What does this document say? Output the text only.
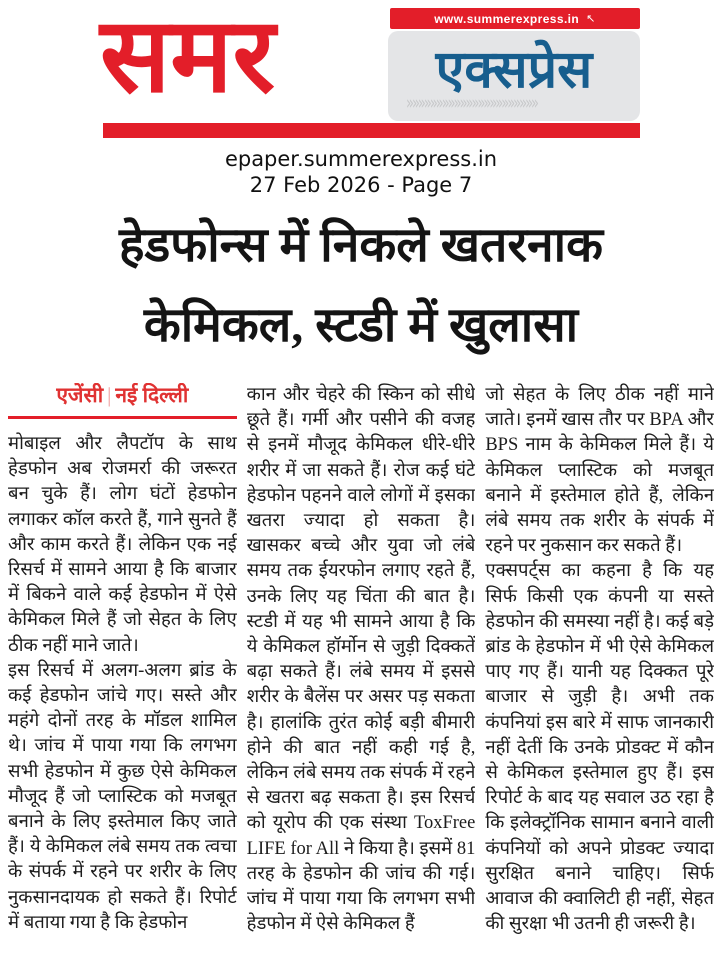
www.summerexpress.in ↖
एक्सप्रेस
»»»»»»»»»»»»»»»»»»»»»»
समर
epaper.summerexpress.in
27 Feb 2026 - Page 7
हेडफोन्स में निकले खतरनाक
केमिकल, स्टडी में खुलासा
एजेंसी | नई दिल्ली

मोबाइल और लैपटॉप के साथ हेडफोन अब रोजमर्रा की जरूरत बन चुके हैं। लोग घंटों हेडफोन लगाकर कॉल करते हैं, गाने सुनते हैं और काम करते हैं। लेकिन एक नई रिसर्च में सामने आया है कि बाजार में बिकने वाले कई हेडफोन में ऐसे केमिकल मिले हैं जो सेहत के लिए ठीक नहीं माने जाते।

इस रिसर्च में अलग-अलग ब्रांड के कई हेडफोन जांचे गए। सस्ते और महंगे दोनों तरह के मॉडल शामिल थे। जांच में पाया गया कि लगभग सभी हेडफोन में कुछ ऐसे केमिकल मौजूद हैं जो प्लास्टिक को मजबूत बनाने के लिए इस्तेमाल किए जाते हैं। ये केमिकल लंबे समय तक त्वचा के संपर्क में रहने पर शरीर के लिए नुकसानदायक हो सकते हैं। रिपोर्ट में बताया गया है कि हेडफोन

कान और चेहरे की स्किन को सीधे छूते हैं। गर्मी और पसीने की वजह से इनमें मौजूद केमिकल धीरे-धीरे शरीर में जा सकते हैं। रोज कई घंटे हेडफोन पहनने वाले लोगों में इसका खतरा ज्यादा हो सकता है। खासकर बच्चे और युवा जो लंबे समय तक ईयरफोन लगाए रहते हैं, उनके लिए यह चिंता की बात है। स्टडी में यह भी सामने आया है कि ये केमिकल हॉर्मोन से जुड़ी दिक्कतें बढ़ा सकते हैं। लंबे समय में इससे शरीर के बैलेंस पर असर पड़ सकता है। हालांकि तुरंत कोई बड़ी बीमारी होने की बात नहीं कही गई है, लेकिन लंबे समय तक संपर्क में रहने से खतरा बढ़ सकता है। इस रिसर्च को यूरोप की एक संस्था ToxFree LIFE for All ने किया है। इसमें 81 तरह के हेडफोन की जांच की गई। जांच में पाया गया कि लगभग सभी हेडफोन में ऐसे केमिकल हैं

जो सेहत के लिए ठीक नहीं माने जाते। इनमें खास तौर पर BPA और BPS नाम के केमिकल मिले हैं। ये केमिकल प्लास्टिक को मजबूत बनाने में इस्तेमाल होते हैं, लेकिन लंबे समय तक शरीर के संपर्क में रहने पर नुकसान कर सकते हैं।

एक्सपर्ट्स का कहना है कि यह सिर्फ किसी एक कंपनी या सस्ते हेडफोन की समस्या नहीं है। कई बड़े ब्रांड के हेडफोन में भी ऐसे केमिकल पाए गए हैं। यानी यह दिक्कत पूरे बाजार से जुड़ी है। अभी तक कंपनियां इस बारे में साफ जानकारी नहीं देतीं कि उनके प्रोडक्ट में कौन से केमिकल इस्तेमाल हुए हैं। इस रिपोर्ट के बाद यह सवाल उठ रहा है कि इलेक्ट्रॉनिक सामान बनाने वाली कंपनियों को अपने प्रोडक्ट ज्यादा सुरक्षित बनाने चाहिए। सिर्फ आवाज की क्वालिटी ही नहीं, सेहत की सुरक्षा भी उतनी ही जरूरी है।
